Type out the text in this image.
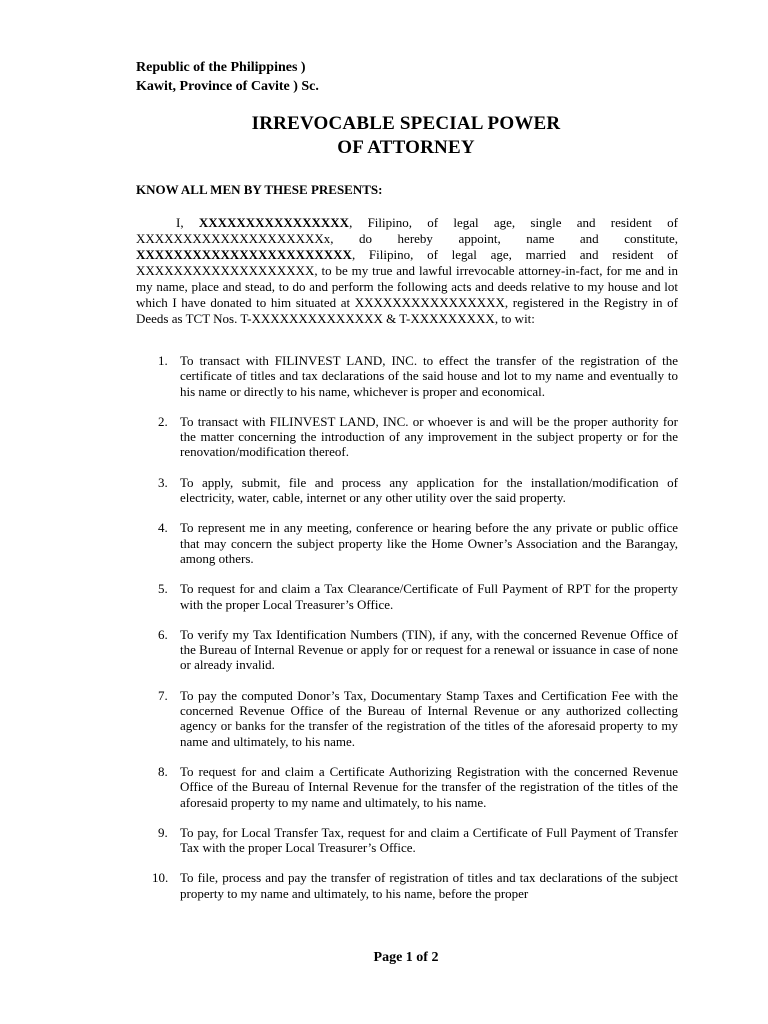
Republic of the Philippines )
Kawit, Province of Cavite ) Sc.
IRREVOCABLE SPECIAL POWER
OF ATTORNEY
KNOW ALL MEN BY THESE PRESENTS:
I, XXXXXXXXXXXXXXXX, Filipino, of legal age, single and resident of XXXXXXXXXXXXXXXXXXXXx, do hereby appoint, name and constitute, XXXXXXXXXXXXXXXXXXXXXXX, Filipino, of legal age, married and resident of XXXXXXXXXXXXXXXXXXX, to be my true and lawful irrevocable attorney-in-fact, for me and in my name, place and stead, to do and perform the following acts and deeds relative to my house and lot which I have donated to him situated at XXXXXXXXXXXXXXXX, registered in the Registry in of Deeds as TCT Nos. T-XXXXXXXXXXXXXX & T-XXXXXXXXX, to wit:
1. To transact with FILINVEST LAND, INC. to effect the transfer of the registration of the certificate of titles and tax declarations of the said house and lot to my name and eventually to his name or directly to his name, whichever is proper and economical.
2. To transact with FILINVEST LAND, INC. or whoever is and will be the proper authority for the matter concerning the introduction of any improvement in the subject property or for the renovation/modification thereof.
3. To apply, submit, file and process any application for the installation/modification of electricity, water, cable, internet or any other utility over the said property.
4. To represent me in any meeting, conference or hearing before the any private or public office that may concern the subject property like the Home Owner’s Association and the Barangay, among others.
5. To request for and claim a Tax Clearance/Certificate of Full Payment of RPT for the property with the proper Local Treasurer’s Office.
6. To verify my Tax Identification Numbers (TIN), if any, with the concerned Revenue Office of the Bureau of Internal Revenue or apply for or request for a renewal or issuance in case of none or already invalid.
7. To pay the computed Donor’s Tax, Documentary Stamp Taxes and Certification Fee with the concerned Revenue Office of the Bureau of Internal Revenue or any authorized collecting agency or banks for the transfer of the registration of the titles of the aforesaid property to my name and ultimately, to his name.
8. To request for and claim a Certificate Authorizing Registration with the concerned Revenue Office of the Bureau of Internal Revenue for the transfer of the registration of the titles of the aforesaid property to my name and ultimately, to his name.
9. To pay, for Local Transfer Tax, request for and claim a Certificate of Full Payment of Transfer Tax with the proper Local Treasurer’s Office.
10. To file, process and pay the transfer of registration of titles and tax declarations of the subject property to my name and ultimately, to his name, before the proper
Page 1 of 2
